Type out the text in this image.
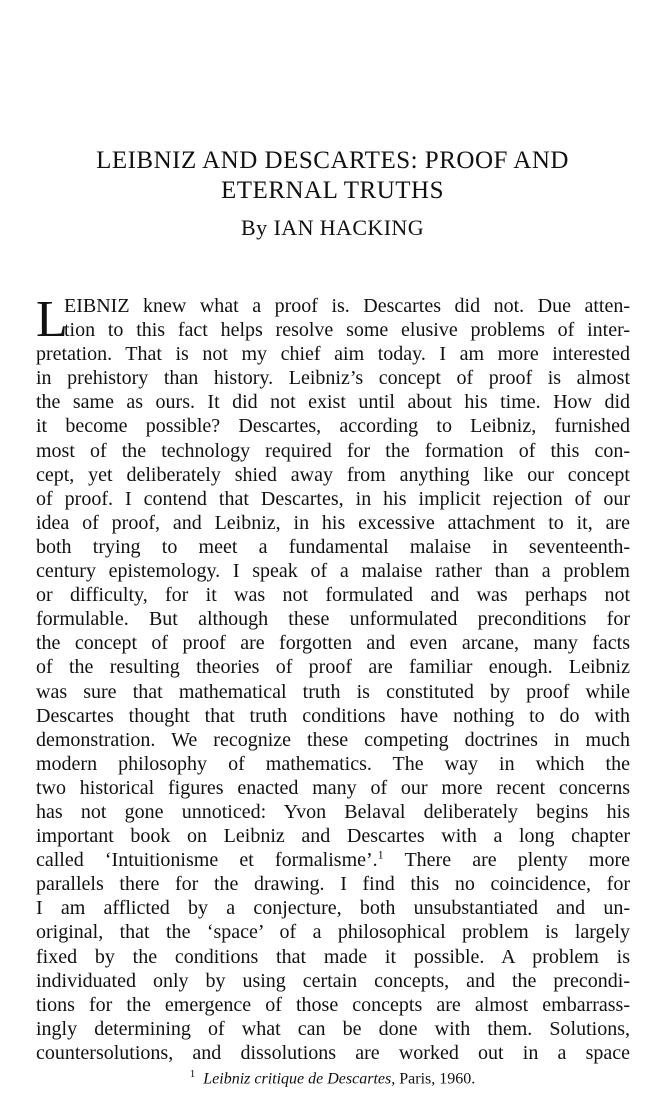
LEIBNIZ AND DESCARTES: PROOF AND
ETERNAL TRUTHS
By IAN HACKING
L
EIBNIZ knew what a proof is. Descartes did not. Due atten-
tion to this fact helps resolve some elusive problems of inter-
pretation. That is not my chief aim today. I am more interested
in prehistory than history. Leibniz’s concept of proof is almost
the same as ours. It did not exist until about his time. How did
it become possible? Descartes, according to Leibniz, furnished
most of the technology required for the formation of this con-
cept, yet deliberately shied away from anything like our concept
of proof. I contend that Descartes, in his implicit rejection of our
idea of proof, and Leibniz, in his excessive attachment to it, are
both trying to meet a fundamental malaise in seventeenth-
century epistemology. I speak of a malaise rather than a problem
or difficulty, for it was not formulated and was perhaps not
formulable. But although these unformulated preconditions for
the concept of proof are forgotten and even arcane, many facts
of the resulting theories of proof are familiar enough. Leibniz
was sure that mathematical truth is constituted by proof while
Descartes thought that truth conditions have nothing to do with
demonstration. We recognize these competing doctrines in much
modern philosophy of mathematics. The way in which the
two historical figures enacted many of our more recent concerns
has not gone unnoticed: Yvon Belaval deliberately begins his
important book on Leibniz and Descartes with a long chapter
called ‘Intuitionisme et formalisme’.$^1$ There are plenty more
parallels there for the drawing. I find this no coincidence, for
I am afflicted by a conjecture, both unsubstantiated and un-
original, that the ‘space’ of a philosophical problem is largely
fixed by the conditions that made it possible. A problem is
individuated only by using certain concepts, and the precondi-
tions for the emergence of those concepts are almost embarrass-
ingly determining of what can be done with them. Solutions,
countersolutions, and dissolutions are worked out in a space
$^1$ Leibniz critique de Descartes, Paris, 1960.
